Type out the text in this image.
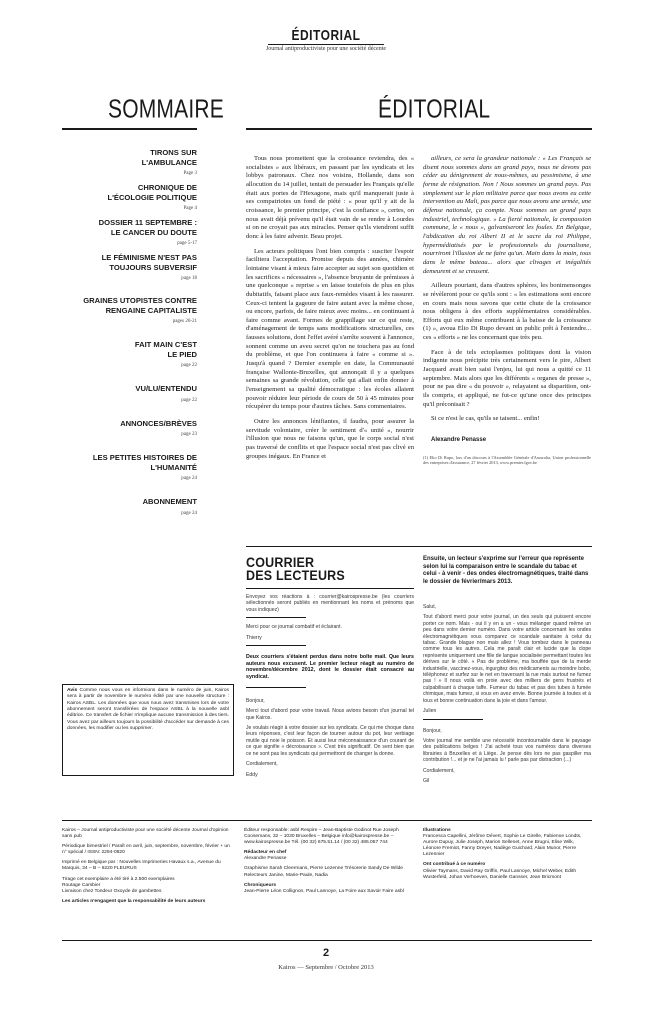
ÉDITORIAL
Journal antiproductiviste pour une société décente
SOMMAIRE
TIRONS SUR L'AMBULANCE
Page 3
CHRONIQUE DE L'ÉCOLOGIE POLITIQUE
Page 4
DOSSIER 11 SEPTEMBRE : LE CANCER DU DOUTE
page 5-17
LE FÉMINISME N'EST PAS TOUJOURS SUBVERSIF
page 18
GRAINES UTOPISTES CONTRE RENGAINE CAPITALISTE
pages 20-21
FAIT MAIN C'EST LE PIED
page 22
VU/LU/ENTENDU
page 22
ANNONCES/BRÈVES
page 23
LES PETITES HISTOIRES DE L'HUMANITÉ
page 24
ABONNEMENT
page 24
ÉDITORIAL

Tous nous promettent que la croissance reviendra, des « socialistes » aux libéraux, en passant par les syndicats et les lobbys patronaux. Chez nos voisins, Hollande, dans son allocution du 14 juillet, tentait de persuader les Français qu'elle était aux portes de l'Hexagone, mais qu'il manquerait juste à ses compatriotes un fond de piété : « pour qu'il y ait de la croissance, le premier principe, c'est la confiance », certes, on nous avait déjà prévenu qu'il était vain de se rendre à Lourdes si on ne croyait pas aux miracles. Penser qu'ils viendront suffit donc à les faire advenir. Beau projet.

Les acteurs politiques l'ont bien compris : susciter l'espoir facilitera l'acceptation. Promise depuis des années, chimère lointaine visant à mieux faire accepter au sujet son quotidien et les sacrifices « nécessaires », l'absence bruyante de prémisses à une quelconque « reprise » en laisse toutefois de plus en plus dubitatifs, faisant place aux faux-remèdes visant à les rassurer. Ceux-ci tentent la gageure de faire autant avec la même chose, ou encore, parfois, de faire mieux avec moins... en continuant à faire comme avant. Formes de grappillage sur ce qui reste, d'aménagement de temps sans modifications structurelles, ces fausses solutions, dont l'effet avéré s'arrête souvent à l'annonce, sonnent comme un aveu secret qu'on ne touchera pas au fond du problème, et que l'on continuera à faire « comme si ». Jusqu'à quand ? Dernier exemple en date, la Communauté française Wallonie-Bruxelles, qui annonçait il y a quelques semaines sa grande révolution, celle qui allait enfin donner à l'enseignement sa qualité démocratique : les écoles allaient pouvoir réduire leur période de cours de 50 à 45 minutes pour récupérer du temps pour d'autres tâches. Sans commentaires.

Outre les annonces lénifiantes, il faudra, pour assurer la servitude volontaire, créer le sentiment d'« unité », nourrir l'illusion que nous ne faisons qu'un, que le corps social n'est pas traversé de conflits et que l'espace social n'est pas clivé en groupes inégaux. En France et

ailleurs, ce sera la grandeur nationale : « Les Français se disent nous sommes dans un grand pays, nous ne devons pas céder au dénigrement de nous-mêmes, au pessimisme, à une forme de résignation. Non ! Nous sommes un grand pays. Pas simplement sur le plan militaire parce que nous avons eu cette intervention au Mali, pas parce que nous avons une armée, une défense nationale, ça compte. Nous sommes un grand pays industriel, technologique. » La fierté nationale, la compassion commune, le « nous », galvaniseront les foules. En Belgique, l'abdication du roi Albert II et le sacre du roi Philippe, hypermédiatisés par le professionnels du journalisme, nourriront l'illusion de ne faire qu'un. Main dans la main, tous dans le même bateau... alors que clivages et inégalités demeurent et se creusent.

Ailleurs pourtant, dans d'autres sphères, les bonimensonges se révèleront pour ce qu'ils sont : « les estimations sont encore en cours mais nous savons que cette chute de la croissance nous obligera à des efforts supplémentaires considérables. Efforts qui eux même contribuent à la baisse de la croissance (1) », avoua Elio Di Rupo devant un public prêt à l'entendre... ces « efforts » ne les concernant que très peu.

Face à de tels ectoplasmes politiques dont la vision indigente nous précipite très certainement vers le pire, Albert Jacquard avait bien saisi l'enjeu, lui qui nous a quitté ce 11 septembre. Mais alors que les différents « organes de presse », pour ne pas dire « du pouvoir », relayaient sa disparition, ont-ils compris, et appliqué, ne fut-ce qu'une once des principes qu'il préconisait ?

Si ce n'est le cas, qu'ils se taisent... enfin!

Alexandre Penasse
(1) Elio Di Rupo, lors d'un discours à l'Assemblée Générale d'Assuralia, Union professionnelle des entreprises d'assurance, 27 février 2013, www.premier.fgov.be
COURRIER
DES LECTEURS
Ensuite, un lecteur s'exprime sur l'erreur que représente selon lui la comparaison entre le scandale du tabac et celui - à venir - des ondes électromagnétiques, traité dans le dossier de février/mars 2013.

Envoyez vos réactions à : courrier@kairospresse.be (les courriers sélectionnés seront publiés en mentionnant les noms et prénoms que vous indiquez)

Merci pour ce journal combatif et éclairant.

Thierry

Deux courriers s'étaient perdus dans notre boîte mail. Que leurs auteurs nous excusent. Le premier lecteur réagit au numéro de novembre/décembre 2012, dont le dossier était consacré au syndicat.

Bonjour,

Merci tout d'abord pour votre travail. Nous avions besoin d'un journal tel que Kairos.

Je voulais réagir à votre dossier sur les syndicats. Ce qui me choque dans leurs réponses, c'est leur façon de tourner autour du pot, leur verbiage mutile qui noie le poisson. Et aussi leur méconnaissance d'un courant de ce que signifie « décroissance ». C'est très significatif. On sent bien que ce ne sont pas les syndicats qui permettront de changer la donne.

Cordialement,

Eddy

Salut,

Tout d'abord merci pour votre journal, un des seuls qui puissent encore porter ce nom. Mais - oui il y en a un - vous mélanger quand même un peu dans votre dernier numéro. Dans votre article concernant les ondes électromagnétiques vous comparez ce scandale sanitaire à celui du tabac. Grande blague non mais allez ! Vous tombez dans le panneau comme tous les autres. Cela me paraît clair et lucide que la clope représente uniquement une fille de langue socialisée permettant toutes les dérives sur le côté. « Pas de problème, ma bouffée que de la merde industrielle, vaccinez-vous, ingurgitez des médicaments au moindre bobo, téléphonez et surfez sur le net en traversant la rue mais surtout ne fumez pas ! » Il nous voilà en proie avec des milliers de gens frustrés et culpabilisant à chaque taffe. Fumeur du tabac et pas des tubes à fumée chimique, mais fumez, si vous en avez envie. Bonne journée à toutes et à tous et bonne continuation dans la joie et dans l'amour.

Julien

Bonjour,

Votre journal me semble une nécessité incontournable dans le paysage des publications belges ! J'ai acheté tous vos numéros dans diverses librairies à Bruxelles et à Liège. Je pense dès lors ne pas gaspiller ma contribution !... et je ne l'ai jamais lu ! parle pas par distraction (...)

Cordialement,

Gil

Avis Comme nous vous en informions dans le numéro de juin, Kairos sera à partir de novembre le numéro édité par une nouvelle structure : Kairos ASBL. Les données que vous nous avez transmises lors de votre abonnement seront transférées de l'espace ASBL à la nouvelle asbl éditrice. Ce transfert de fichier n'implique aucune transmission à des tiers. Vous avez par ailleurs toujours la possibilité d'accéder sur demande à ces données, les modifier ou les supprimer.

Kairos – Journal antiproductiviste pour une société décente Journal d'opinion sans pub

Périodique bimestriel / Paraît en avril, juin, septembre, novembre, février + un n° spécial / ISSN: 2294-0820

Imprimé en Belgique par : Nouvelles Imprimeries Havaux s.a., Avenue du Marquis, 34 – B – 6220 FLEURUS

Tirage cet exemplaire a été tiré à 2.500 exemplaires

Routage Cambier

Livraison chez Tondeur Oxoyde de gambettes

Les articles n'engagent que la responsabilité de leurs auteurs

Éditeur responsable: asbl Respire – Jean-Baptiste Godinot Rue Joseph Coosemans, 32 – 1030 Bruxelles – Belgique info@kairospresse.be – www.kairospresse.be Tél. (00 32) 675.51.14 / (00 32) 485.057 744

Rédacteur en chef

Alexandre Penasse

Graphisme Sarah Cleermans, Pierre Lezenne Trésorerie Sandy De Wilde Relecteurs Janine, Marie-Paule, Nadia

Chroniqueurs

Jean-Pierre Léon Collignon, Paul Lannoye, La Foire aux Savoir Faire asbl

Illustrations

Francesca Capellini, Jérôme Dévert, Sophie Le Girelle, Fabienne Londts, Aurore Dupuy, Julie Joseph, Marion Sellenet, Anne Brugni, Elise Wilk, Léonore Fremiot, Fanny Dreyer, Nadège Guichard, Alain Munor, Pierre Lezennier

Ont contribué à ce numéro

Olivier Taymans, David Ray Griffin, Paul Lannoye, Michel Weber, Edith Wusterfeld, Johan Verhoeven, Danielle Gansser, Jean Bricmont

2
Kairos — Septembre / Octobre 2013
